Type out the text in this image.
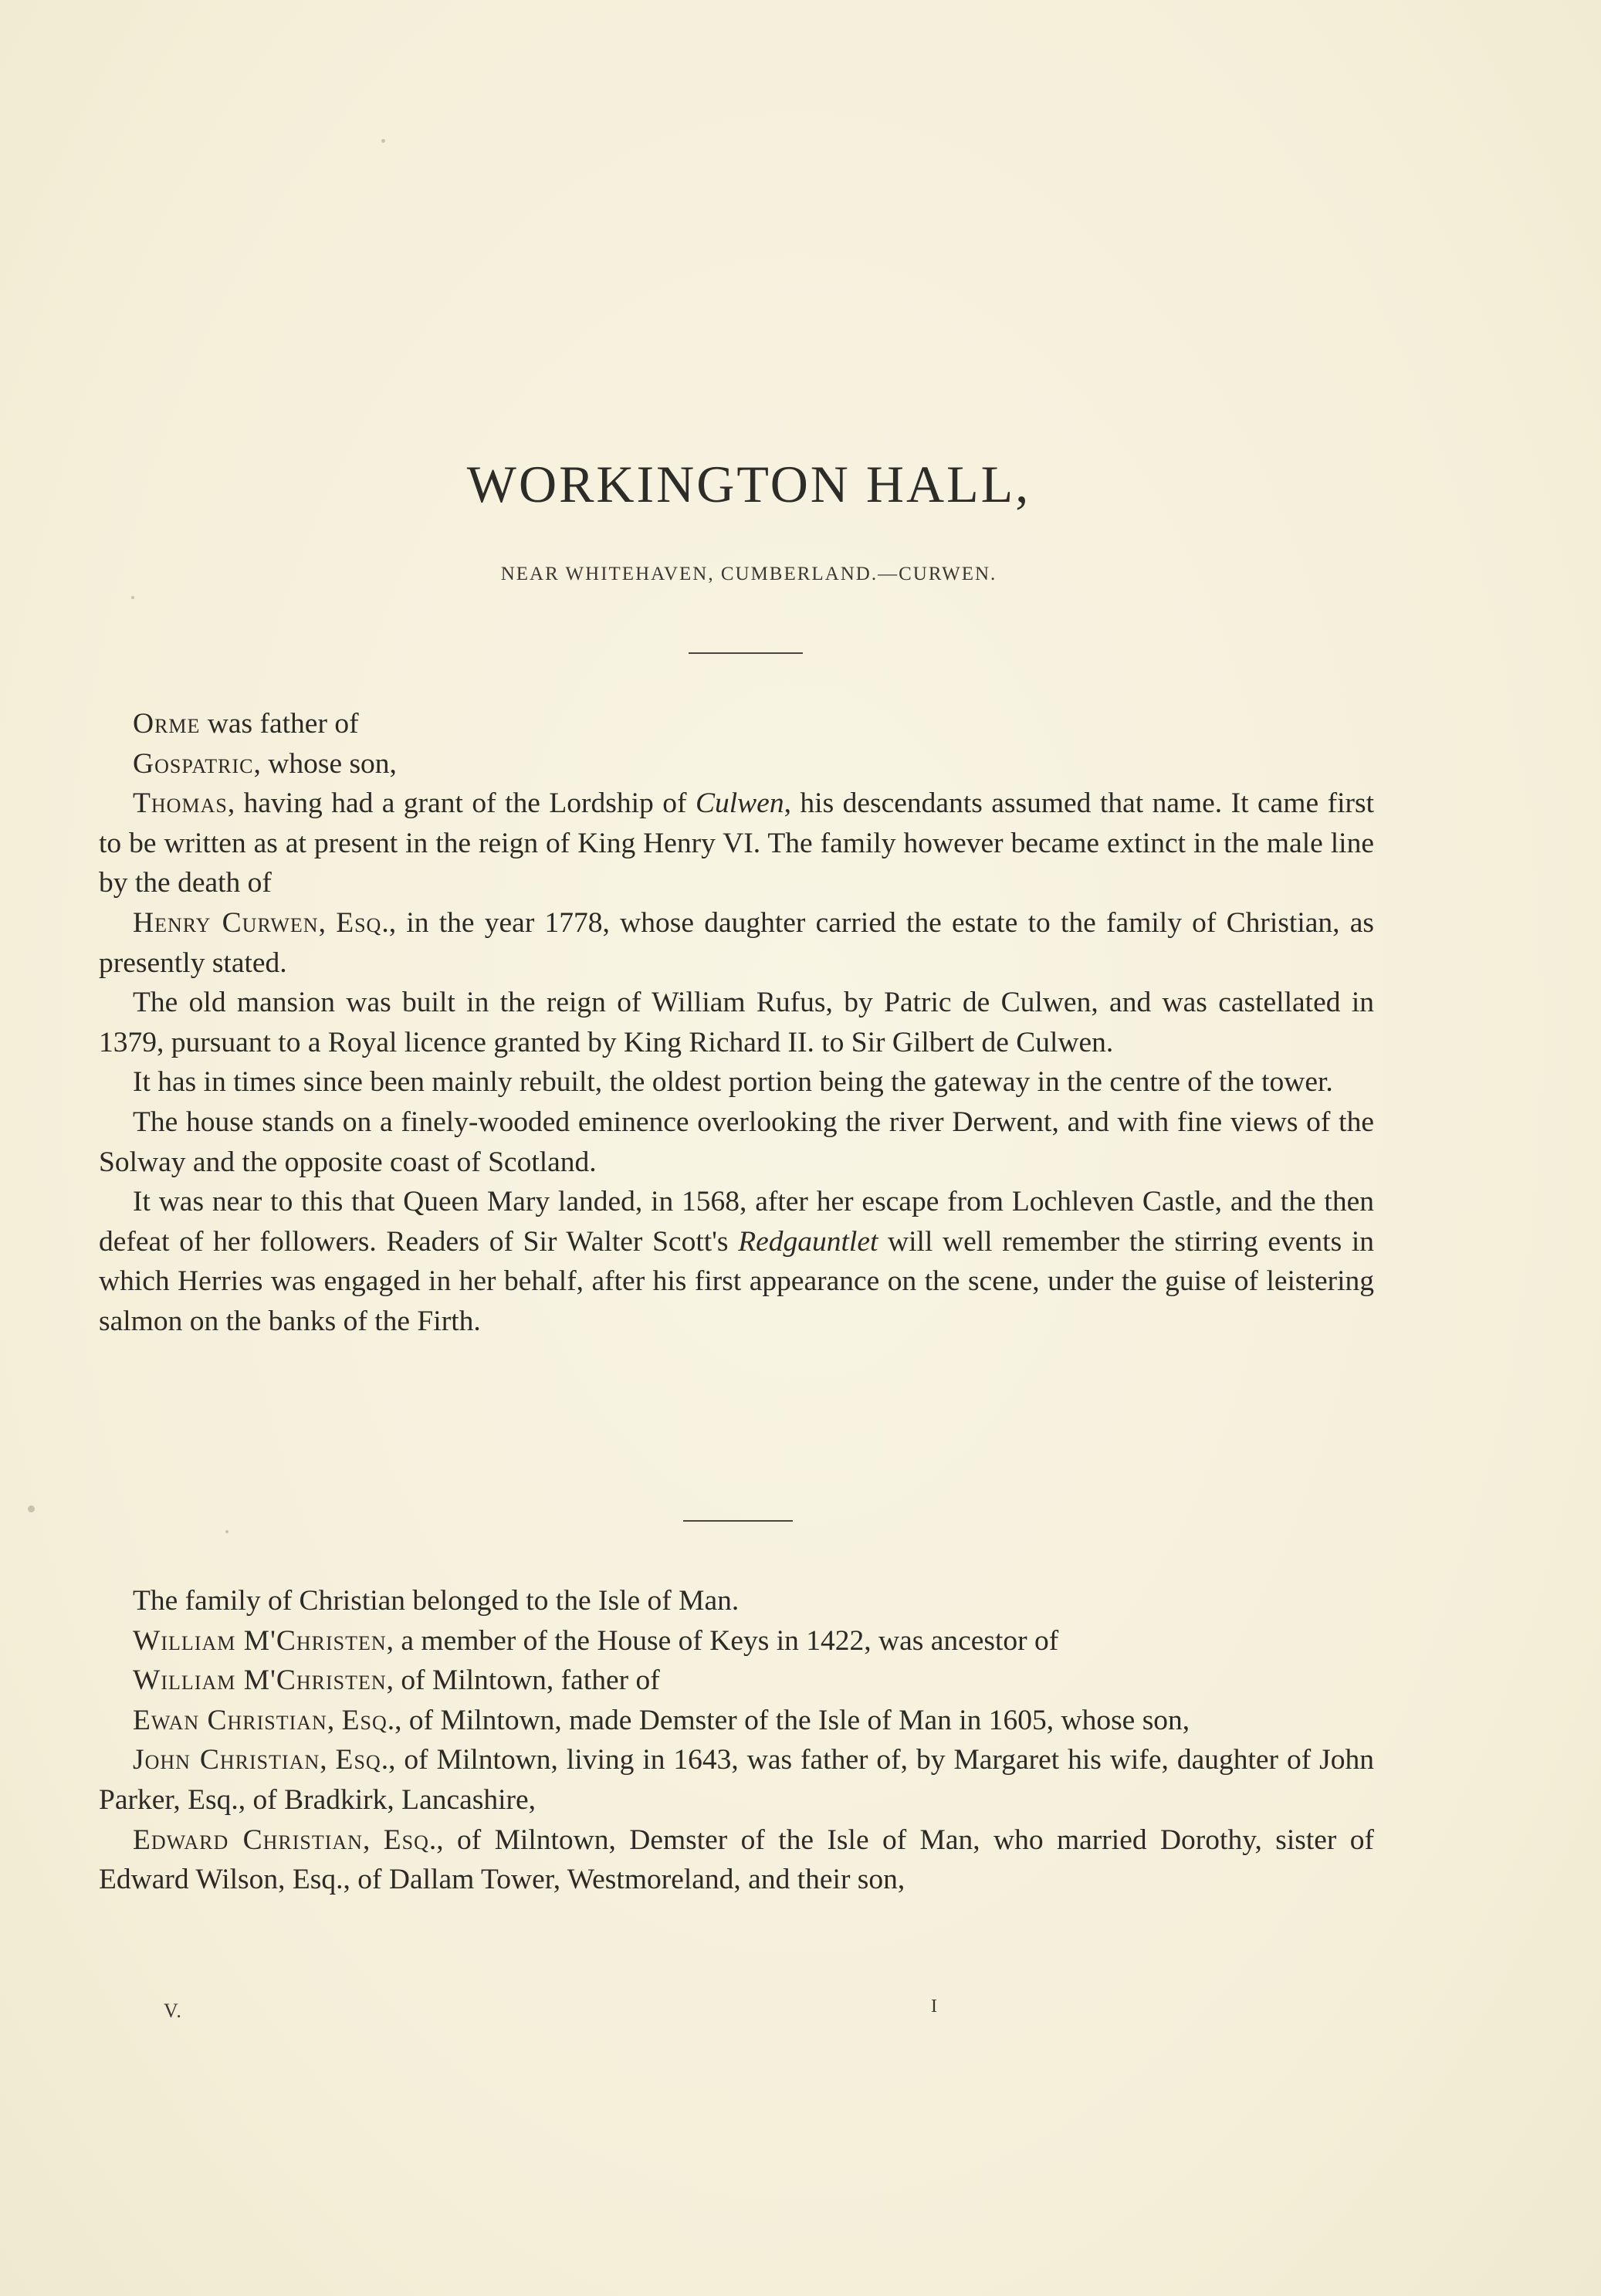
WORKINGTON HALL,
NEAR WHITEHAVEN, CUMBERLAND.—CURWEN.

Orme was father of

Gospatric, whose son,

Thomas, having had a grant of the Lordship of Culwen, his descendants assumed that name. It came first to be written as at present in the reign of King Henry VI. The family however became extinct in the male line by the death of

Henry Curwen, Esq., in the year 1778, whose daughter carried the estate to the family of Christian, as presently stated.

The old mansion was built in the reign of William Rufus, by Patric de Culwen, and was castellated in 1379, pursuant to a Royal licence granted by King Richard II. to Sir Gilbert de Culwen.

It has in times since been mainly rebuilt, the oldest portion being the gateway in the centre of the tower.

The house stands on a finely-wooded eminence overlooking the river Derwent, and with fine views of the Solway and the opposite coast of Scotland.

It was near to this that Queen Mary landed, in 1568, after her escape from Lochleven Castle, and the then defeat of her followers. Readers of Sir Walter Scott's Redgauntlet will well remember the stirring events in which Herries was engaged in her behalf, after his first appearance on the scene, under the guise of leistering salmon on the banks of the Firth.

The family of Christian belonged to the Isle of Man.

William M'Christen, a member of the House of Keys in 1422, was ancestor of

William M'Christen, of Milntown, father of

Ewan Christian, Esq., of Milntown, made Demster of the Isle of Man in 1605, whose son,

John Christian, Esq., of Milntown, living in 1643, was father of, by Margaret his wife, daughter of John Parker, Esq., of Bradkirk, Lancashire,

Edward Christian, Esq., of Milntown, Demster of the Isle of Man, who married Dorothy, sister of Edward Wilson, Esq., of Dallam Tower, Westmoreland, and their son,

V.	I
